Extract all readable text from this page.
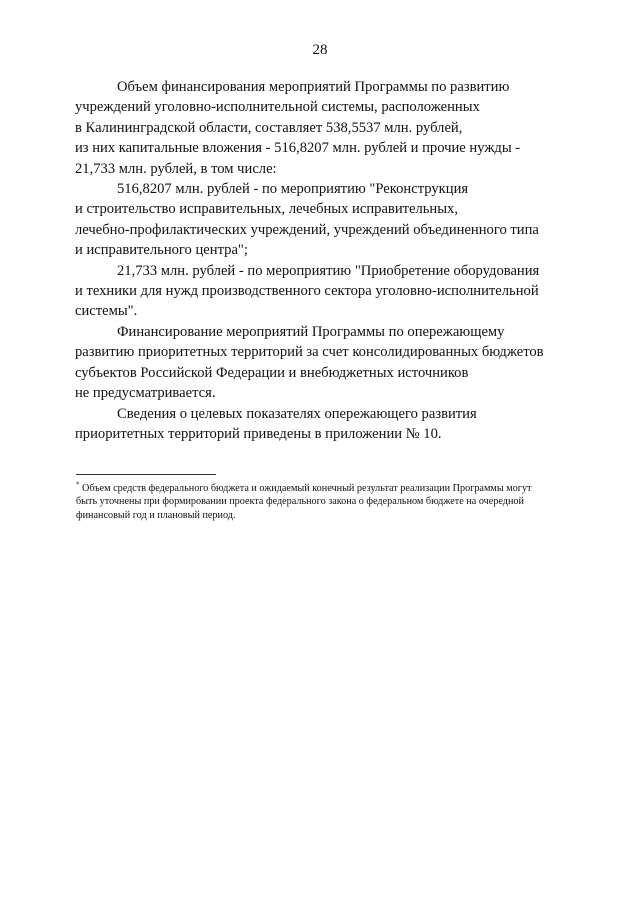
28

Объем финансирования мероприятий Программы по развитию
учреждений уголовно-исполнительной системы, расположенных
в Калининградской области, составляет 538,5537 млн. рублей,
из них капитальные вложения - 516,8207 млн. рублей и прочие нужды -
21,733 млн. рублей, в том числе:

516,8207 млн. рублей - по мероприятию "Реконструкция
и строительство исправительных, лечебных исправительных,
лечебно-профилактических учреждений, учреждений объединенного типа
и исправительного центра";

21,733 млн. рублей - по мероприятию "Приобретение оборудования
и техники для нужд производственного сектора уголовно-исполнительной
системы".

Финансирование мероприятий Программы по опережающему
развитию приоритетных территорий за счет консолидированных бюджетов
субъектов Российской Федерации и внебюджетных источников
не предусматривается.

Сведения о целевых показателях опережающего развития
приоритетных территорий приведены в приложении № 10.

* Объем средств федерального бюджета и ожидаемый конечный результат реализации Программы могут
быть уточнены при формировании проекта федерального закона о федеральном бюджете на очередной
финансовый год и плановый период.
